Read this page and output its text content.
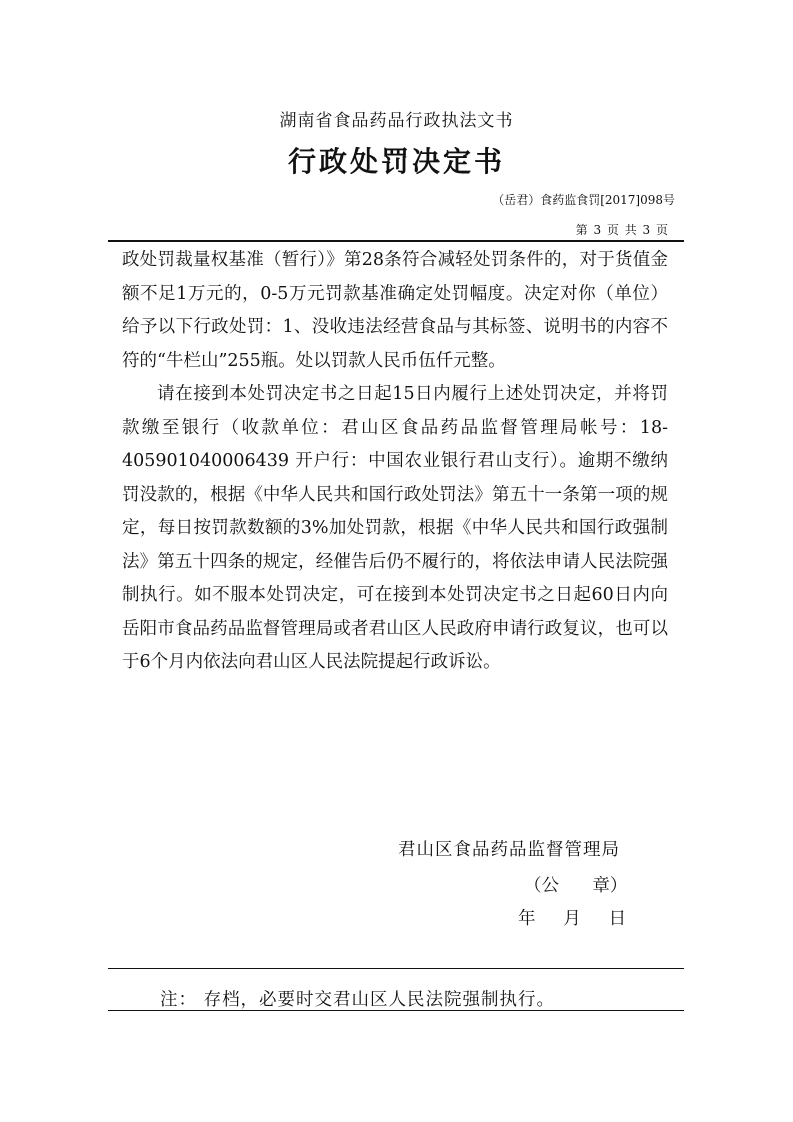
湖南省食品药品行政执法文书
行政处罚决定书
（岳君）食药监食罚[2017]098号
第 3 页 共 3 页

政处罚裁量权基准（暂行）》第28条符合减轻处罚条件的，对于货值金额不足1万元的，0-5万元罚款基准确定处罚幅度。决定对你（单位）给予以下行政处罚：1、没收违法经营食品与其标签、说明书的内容不符的“牛栏山”255瓶。处以罚款人民币伍仟元整。

请在接到本处罚决定书之日起15日内履行上述处罚决定，并将罚款缴至银行（收款单位：君山区食品药品监督管理局帐号：18-405901040006439 开户行：中国农业银行君山支行）。逾期不缴纳罚没款的，根据《中华人民共和国行政处罚法》第五十一条第一项的规定，每日按罚款数额的3%加处罚款，根据《中华人民共和国行政强制法》第五十四条的规定，经催告后仍不履行的，将依法申请人民法院强制执行。如不服本处罚决定，可在接到本处罚决定书之日起60日内向岳阳市食品药品监督管理局或者君山区人民政府申请行政复议，也可以于6个月内依法向君山区人民法院提起行政诉讼。

君山区食品药品监督管理局
（公      章）
年     月     日
注： 存档，必要时交君山区人民法院强制执行。
